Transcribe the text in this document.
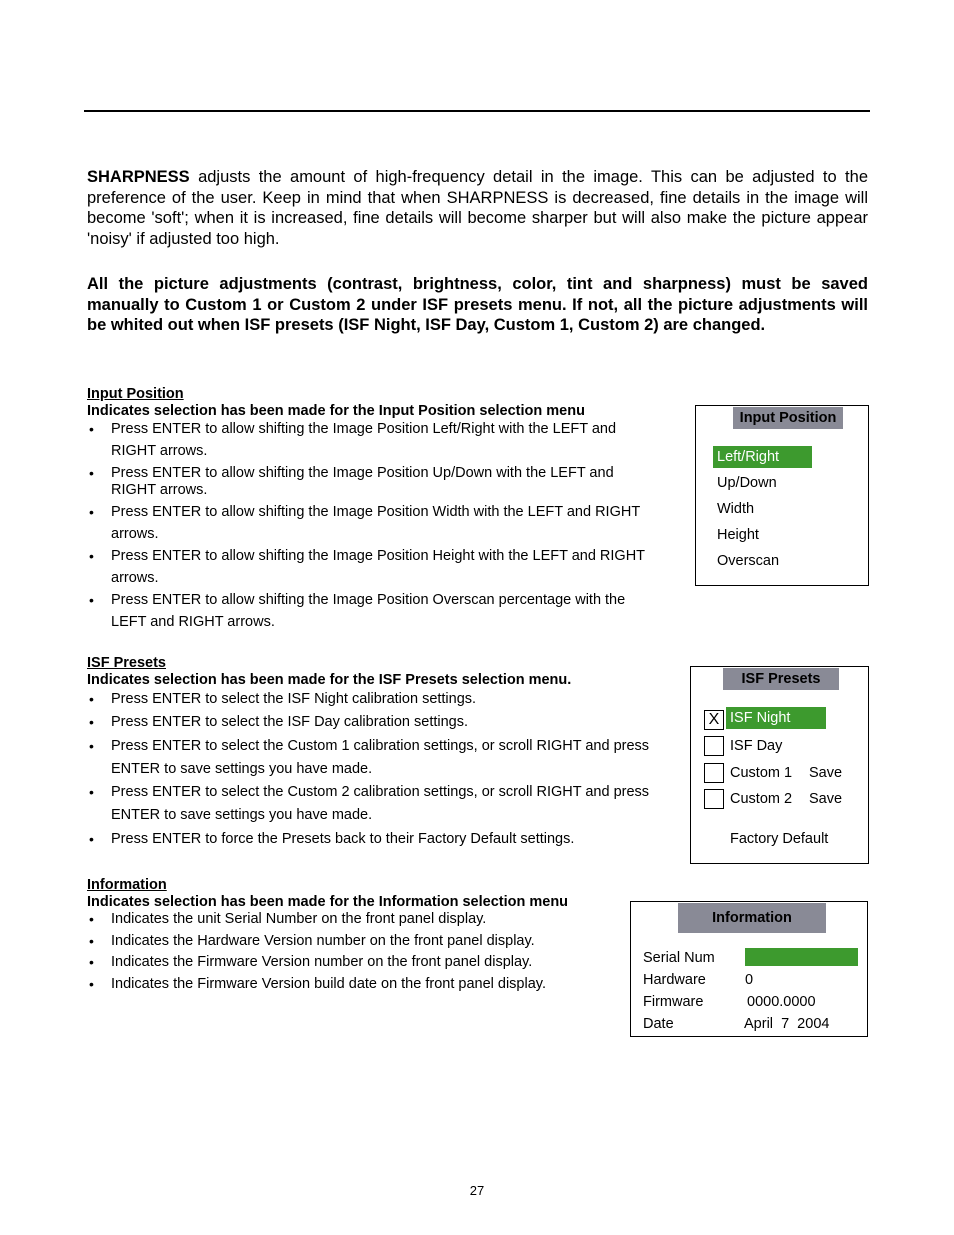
SHARPNESS adjusts the amount of high-frequency detail in the image. This can be adjusted to the preference of the user. Keep in mind that when SHARPNESS is decreased, fine details in the image will become 'soft'; when it is increased, fine details will become sharper but will also make the picture appear 'noisy' if adjusted too high.

All the picture adjustments (contrast, brightness, color, tint and sharpness) must be saved manually to Custom 1 or Custom 2 under ISF presets menu. If not, all the picture adjustments will be whited out when ISF presets (ISF Night, ISF Day, Custom 1, Custom 2) are changed.

Input Position
Indicates selection has been made for the Input Position selection menu
• Press ENTER to allow shifting the Image Position Left/Right with the LEFT and RIGHT arrows.
• Press ENTER to allow shifting the Image Position Up/Down with the LEFT and RIGHT arrows.
• Press ENTER to allow shifting the Image Position Width with the LEFT and RIGHT arrows.
• Press ENTER to allow shifting the Image Position Height with the LEFT and RIGHT arrows.
• Press ENTER to allow shifting the Image Position Overscan percentage with the LEFT and RIGHT arrows.
Input Position
Left/Right
Up/Down
Width
Height
Overscan
ISF Presets
Indicates selection has been made for the ISF Presets selection menu.
• Press ENTER to select the ISF Night calibration settings.
• Press ENTER to select the ISF Day calibration settings.
• Press ENTER to select the Custom 1 calibration settings, or scroll RIGHT and press ENTER to save settings you have made.
• Press ENTER to select the Custom 2 calibration settings, or scroll RIGHT and press ENTER to save settings you have made.
• Press ENTER to force the Presets back to their Factory Default settings.
ISF Presets
X ISF Night
ISF Day
Custom 1 Save
Custom 2 Save
Factory Default
Information
Indicates selection has been made for the Information selection menu
• Indicates the unit Serial Number on the front panel display.
• Indicates the Hardware Version number on the front panel display.
• Indicates the Firmware Version number on the front panel display.
• Indicates the Firmware Version build date on the front panel display.
Information
Serial Num
Hardware	0
Firmware	0000.0000
Date	April  7  2004
27
